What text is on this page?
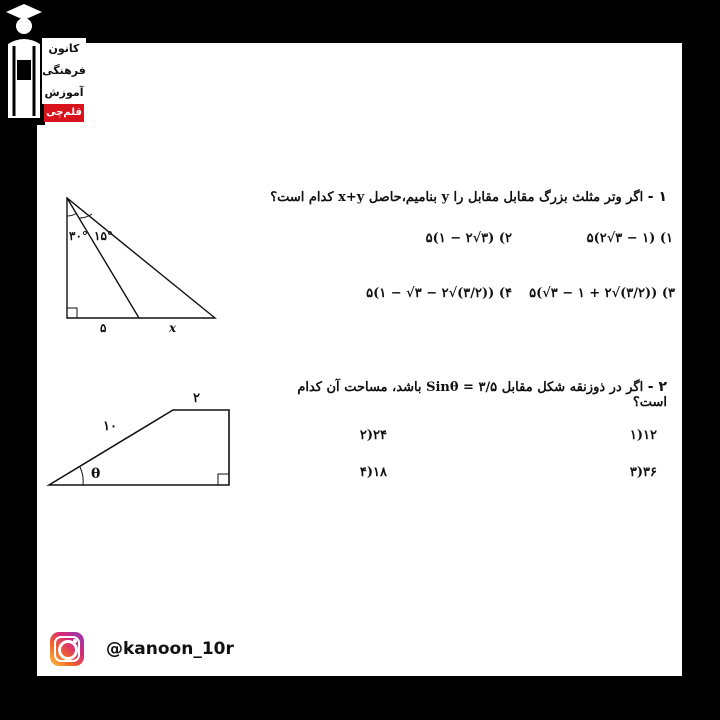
۱ - اگر وتر مثلث بزرگ مقابل مقابل را y بنامیم،حاصل x+y کدام است؟
۱) ۵(۲√۳ − ۱)
۲) ۵(۱ − ۲√۳)
۳) ۵(√۳ − ۱ + ۲√(۳/۲))
۴) ۵(۱ − √۳ − ۲√(۳/۲))
۳۰° ۱۵°
۵	x
۲ - اگر در ذوزنقه شکل مقابل Sinθ = ۳/۵ باشد، مساحت آن کدام است؟
۱۲(۱
۲۴(۲
۳۶(۳
۱۸(۴
۲
۱۰
θ
کانون
فرهنگی
آموزش
قلم‌چی
@kanoon_10r
